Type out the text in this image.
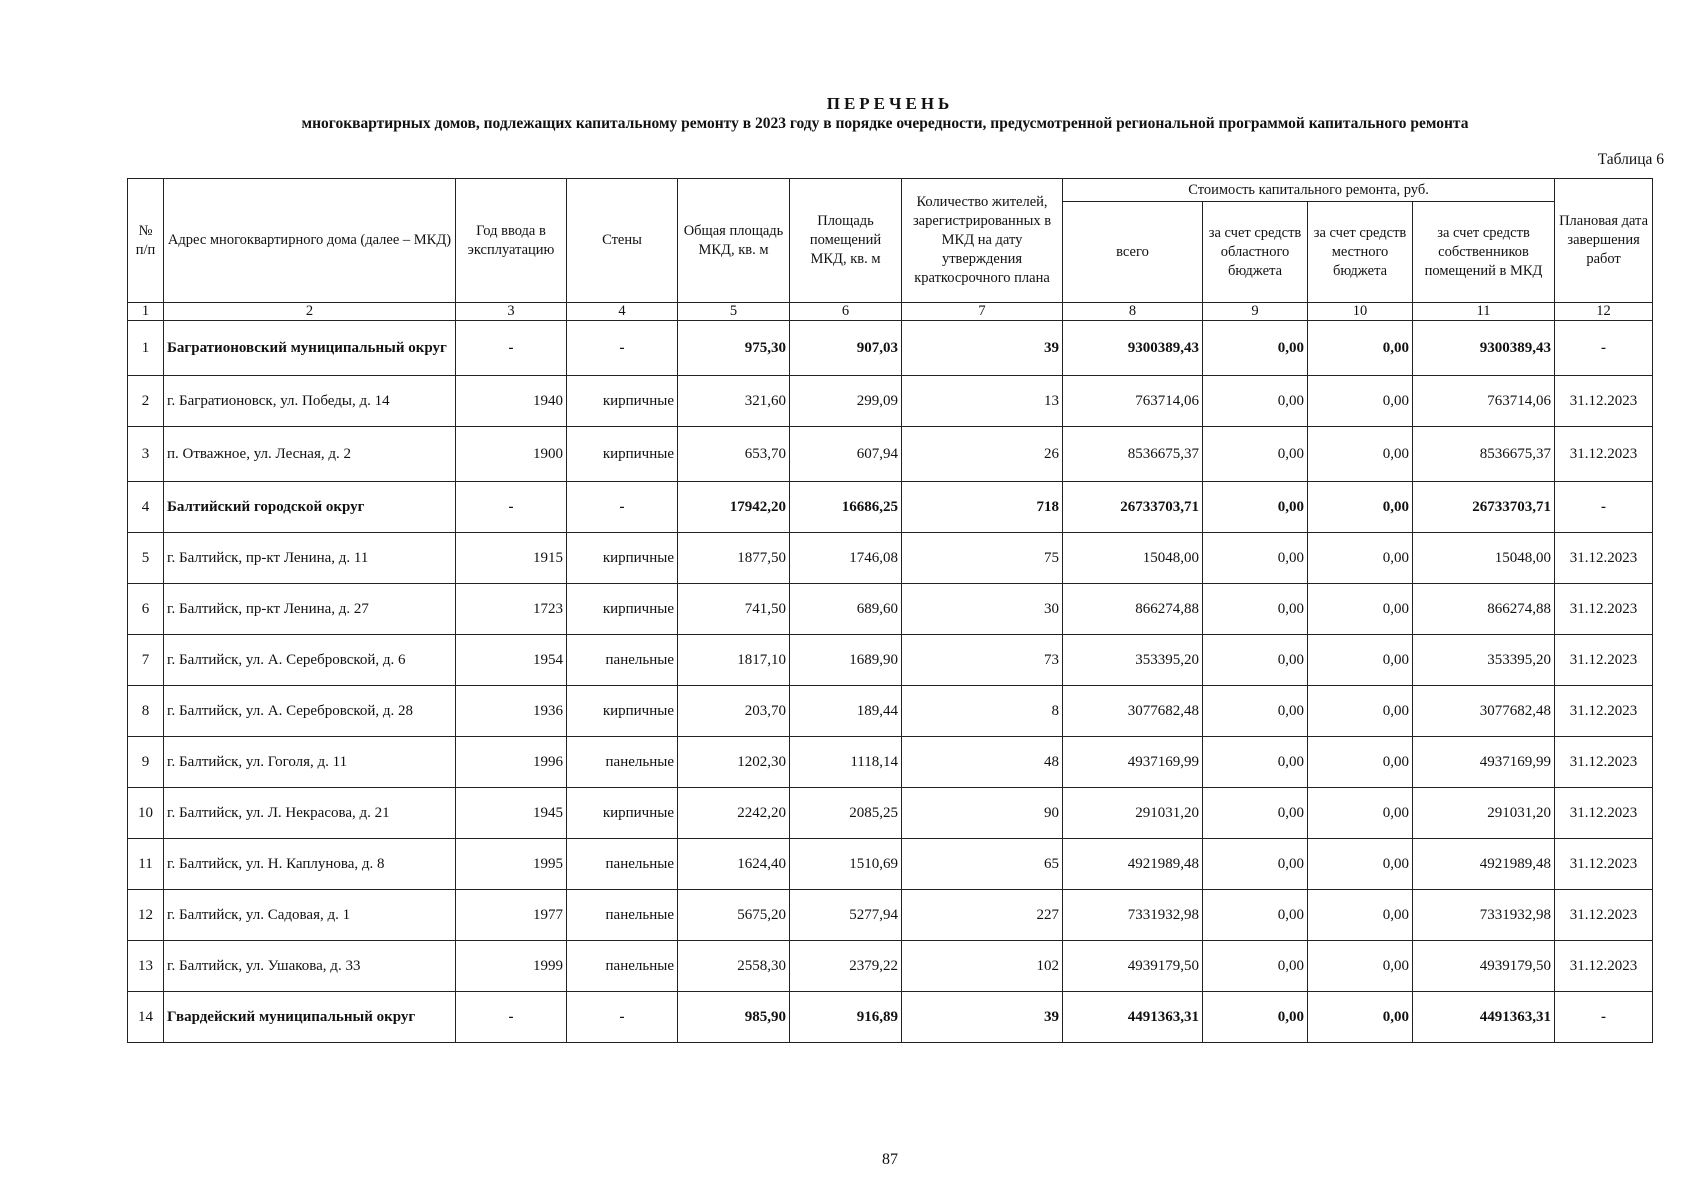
ПЕРЕЧЕНЬ
многоквартирных домов, подлежащих капитальному ремонту в 2023 году в порядке очередности, предусмотренной региональной программой капитального ремонта
Таблица 6
№ п/п	Адрес многоквартирного дома (далее – МКД)	Год ввода в эксплуатацию	Стены	Общая площадь МКД, кв. м	Площадь помещений МКД, кв. м	Количество жителей, зарегистрированных в МКД на дату утверждения краткосрочного плана	Стоимость капитального ремонта, руб.				Плановая дата завершения работ
							всего	за счет средств областного бюджета	за счет средств местного бюджета	за счет средств собственников помещений в МКД	
1	2	3	4	5	6	7	8	9	10	11	12
1	Багратионовский муниципальный округ	-	-	975,30	907,03	39	9300389,43	0,00	0,00	9300389,43	-
2	г. Багратионовск, ул. Победы, д. 14	1940	кирпичные	321,60	299,09	13	763714,06	0,00	0,00	763714,06	31.12.2023
3	п. Отважное, ул. Лесная, д. 2	1900	кирпичные	653,70	607,94	26	8536675,37	0,00	0,00	8536675,37	31.12.2023
4	Балтийский городской округ	-	-	17942,20	16686,25	718	26733703,71	0,00	0,00	26733703,71	-
5	г. Балтийск, пр-кт Ленина, д. 11	1915	кирпичные	1877,50	1746,08	75	15048,00	0,00	0,00	15048,00	31.12.2023
6	г. Балтийск, пр-кт Ленина, д. 27	1723	кирпичные	741,50	689,60	30	866274,88	0,00	0,00	866274,88	31.12.2023
7	г. Балтийск, ул. А. Серебровской, д. 6	1954	панельные	1817,10	1689,90	73	353395,20	0,00	0,00	353395,20	31.12.2023
8	г. Балтийск, ул. А. Серебровской, д. 28	1936	кирпичные	203,70	189,44	8	3077682,48	0,00	0,00	3077682,48	31.12.2023
9	г. Балтийск, ул. Гоголя, д. 11	1996	панельные	1202,30	1118,14	48	4937169,99	0,00	0,00	4937169,99	31.12.2023
10	г. Балтийск, ул. Л. Некрасова, д. 21	1945	кирпичные	2242,20	2085,25	90	291031,20	0,00	0,00	291031,20	31.12.2023
11	г. Балтийск, ул. Н. Каплунова, д. 8	1995	панельные	1624,40	1510,69	65	4921989,48	0,00	0,00	4921989,48	31.12.2023
12	г. Балтийск, ул. Садовая, д. 1	1977	панельные	5675,20	5277,94	227	7331932,98	0,00	0,00	7331932,98	31.12.2023
13	г. Балтийск, ул. Ушакова, д. 33	1999	панельные	2558,30	2379,22	102	4939179,50	0,00	0,00	4939179,50	31.12.2023
14	Гвардейский муниципальный округ	-	-	985,90	916,89	39	4491363,31	0,00	0,00	4491363,31	-
87
